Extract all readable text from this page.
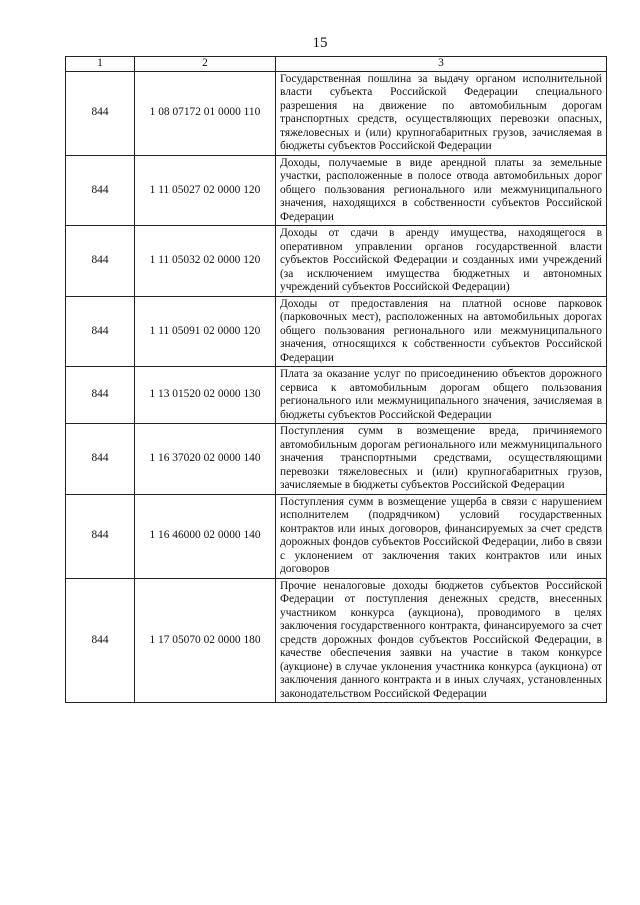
15
1	2	3
844	1 08 07172 01 0000 110	Государственная пошлина за выдачу органом исполнительной власти субъекта Российской Федерации специального разрешения на движение по автомобильным дорогам транспортных средств, осуществляющих перевозки опасных, тяжеловесных и (или) крупногабаритных грузов, зачисляемая в бюджеты субъектов Российской Федерации
844	1 11 05027 02 0000 120	Доходы, получаемые в виде арендной платы за земельные участки, расположенные в полосе отвода автомобильных дорог общего пользования регионального или межмуниципального значения, находящихся в собственности субъектов Российской Федерации
844	1 11 05032 02 0000 120	Доходы от сдачи в аренду имущества, находящегося в оперативном управлении органов государственной власти субъектов Российской Федерации и созданных ими учреждений (за исключением имущества бюджетных и автономных учреждений субъектов Российской Федерации)
844	1 11 05091 02 0000 120	Доходы от предоставления на платной основе парковок (парковочных мест), расположенных на автомобильных дорогах общего пользования регионального или межмуниципального значения, относящихся к собственности субъектов Российской Федерации
844	1 13 01520 02 0000 130	Плата за оказание услуг по присоединению объектов дорожного сервиса к автомобильным дорогам общего пользования регионального или межмуниципального значения, зачисляемая в бюджеты субъектов Российской Федерации
844	1 16 37020 02 0000 140	Поступления сумм в возмещение вреда, причиняемого автомобильным дорогам регионального или межмуниципального значения транспортными средствами, осуществляющими перевозки тяжеловесных и (или) крупногабаритных грузов, зачисляемые в бюджеты субъектов Российской Федерации
844	1 16 46000 02 0000 140	Поступления сумм в возмещение ущерба в связи с нарушением исполнителем (подрядчиком) условий государственных контрактов или иных договоров, финансируемых за счет средств дорожных фондов субъектов Российской Федерации, либо в связи с уклонением от заключения таких контрактов или иных договоров
844	1 17 05070 02 0000 180	Прочие неналоговые доходы бюджетов субъектов Российской Федерации от поступления денежных средств, внесенных участником конкурса (аукциона), проводимого в целях заключения государственного контракта, финансируемого за счет средств дорожных фондов субъектов Российской Федерации, в качестве обеспечения заявки на участие в таком конкурсе (аукционе) в случае уклонения участника конкурса (аукциона) от заключения данного контракта и в иных случаях, установленных законодательством Российской Федерации
